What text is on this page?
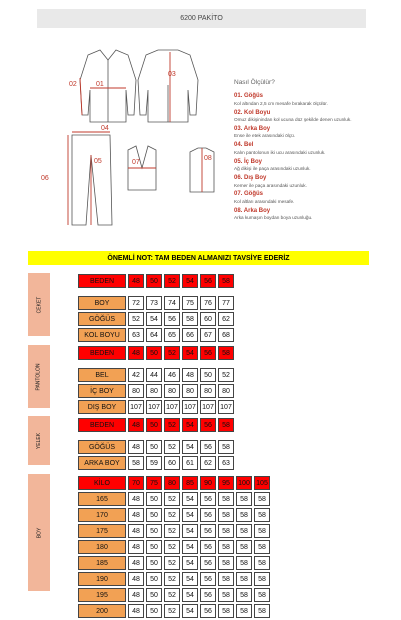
6200 PAKİTO
02	01
03
04
05
06
07
08
Nasıl Ölçülür?
01. Göğüs
Kol altından 2,5 cm mesafe bırakarak ölçülür.
02. Kol Boyu
Omuz dikişinindan kol ucuna düz şekilde denen uzunluk.
03. Arka Boy
Ense ile etek arasındaki ölçü.
04. Bel
Kalın pantolonun iki ucu arasındaki uzunluk.
05. İç Boy
Ağ dikişi ile paça arasındaki uzunluk.
06. Dış Boy
Kemer ile paça arasındaki uzunluk.
07. Göğüs
Kol altları arasındaki mesafe.
08. Arka Boy
Arka kumaşın boydan boya uzunluğu.
ÖNEMLİ NOT: TAM BEDEN ALMANIZI TAVSİYE EDERİZ
CEKET
BEDEN	48	50	52	54	56	58

BOY	72	73	74	75	76	77
GÖĞÜS	52	54	56	58	60	62
KOL BOYU	63	64	65	66	67	68
PANTOLON
BEDEN	48	50	52	54	56	58

BEL	42	44	46	48	50	52
İÇ BOY	80	80	80	80	80	80
DIŞ BOY	107	107	107	107	107	107
YELEK
BEDEN	48	50	52	54	56	58

GÖĞÜS	48	50	52	54	56	58
ARKA BOY	58	59	60	61	62	63
BOY
KİLO	70	75	80	85	90	95	100	105
165	48	50	52	54	56	58	58	58
170	48	50	52	54	56	58	58	58
175	48	50	52	54	56	58	58	58
180	48	50	52	54	56	58	58	58
185	48	50	52	54	56	58	58	58
190	48	50	52	54	56	58	58	58
195	48	50	52	54	56	58	58	58
200	48	50	52	54	56	58	58	58
